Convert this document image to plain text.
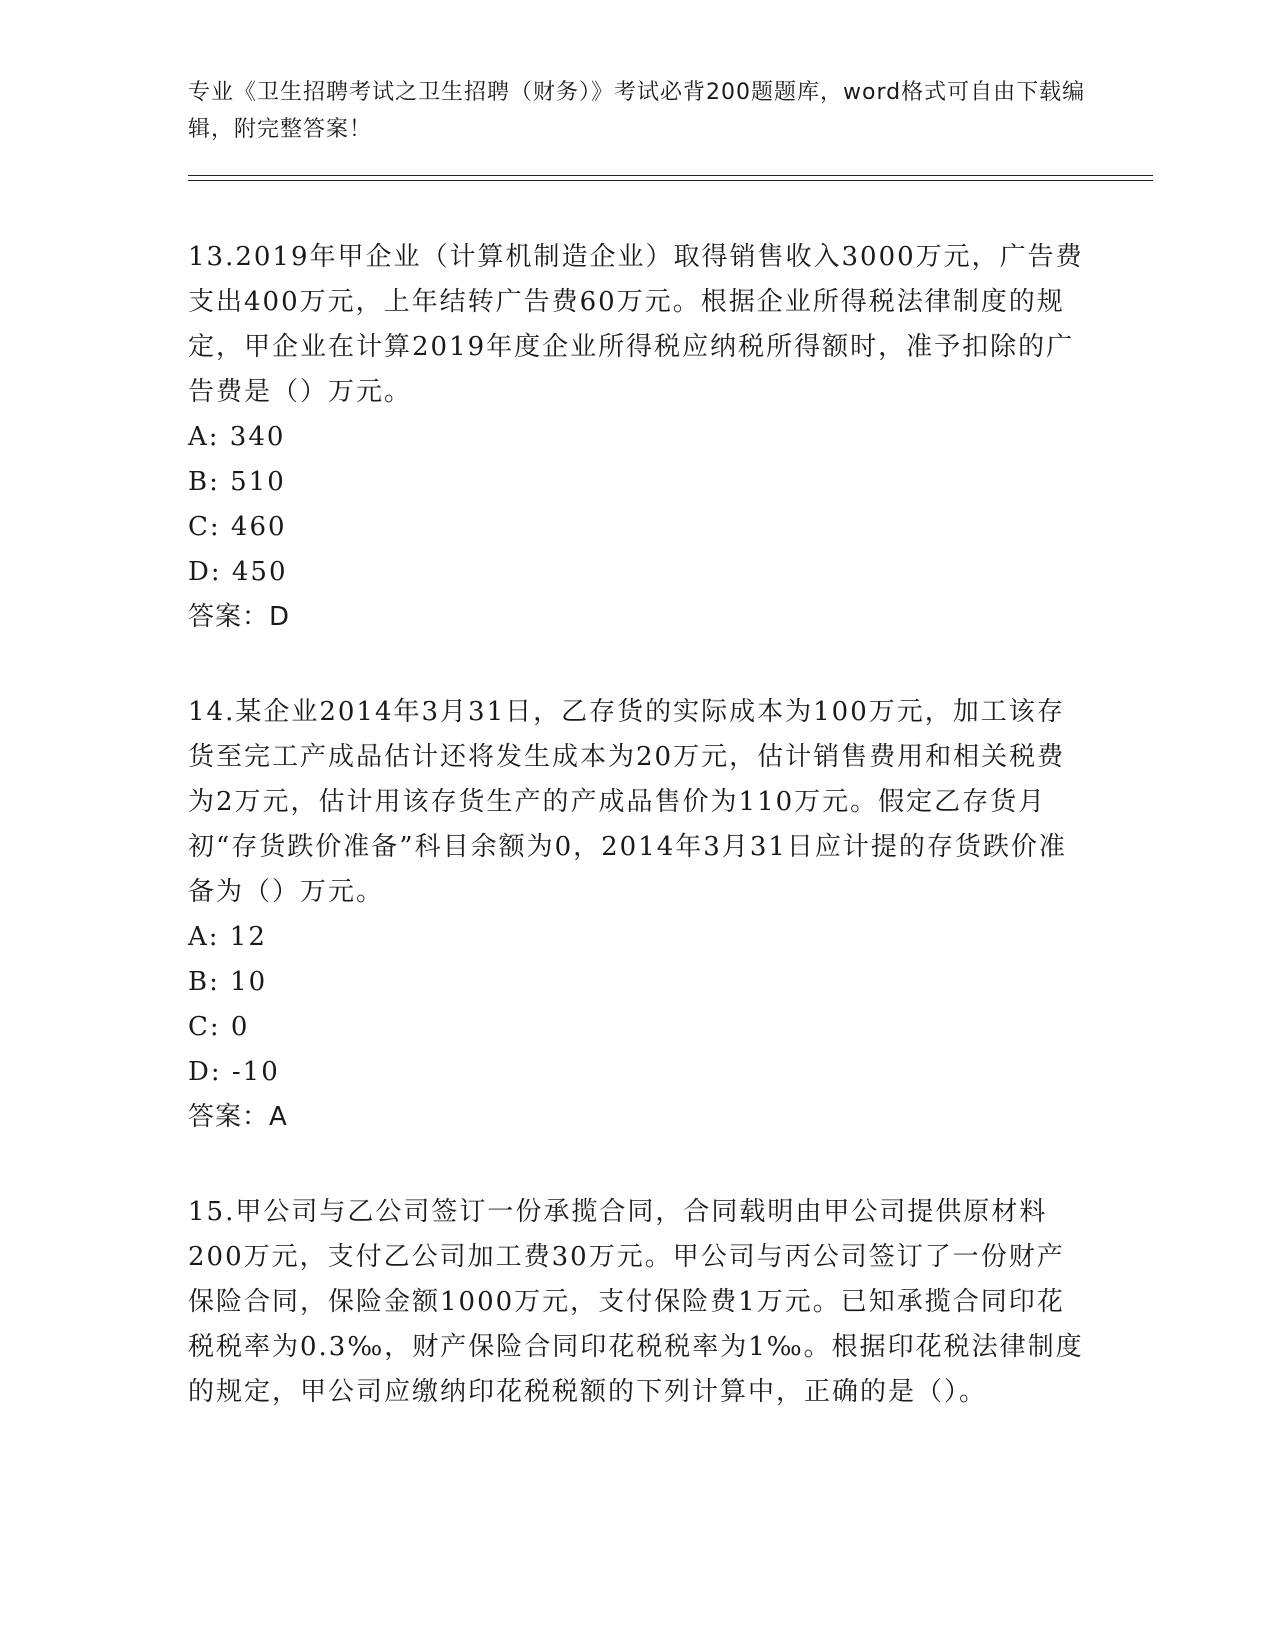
专业《卫生招聘考试之卫生招聘（财务）》考试必背200题题库，word格式可自由下载编辑，附完整答案！

13.2019年甲企业（计算机制造企业）取得销售收入3000万元，广告费支出400万元，上年结转广告费60万元。根据企业所得税法律制度的规定，甲企业在计算2019年度企业所得税应纳税所得额时，准予扣除的广告费是（）万元。

A: 340

B: 510

C: 460

D: 450

答案：D

14.某企业2014年3月31日，乙存货的实际成本为100万元，加工该存货至完工产成品估计还将发生成本为20万元，估计销售费用和相关税费为2万元，估计用该存货生产的产成品售价为110万元。假定乙存货月初“存货跌价准备”科目余额为0，2014年3月31日应计提的存货跌价准备为（）万元。

A: 12

B: 10

C: 0

D: -10

答案：A

15.甲公司与乙公司签订一份承揽合同，合同载明由甲公司提供原材料200万元，支付乙公司加工费30万元。甲公司与丙公司签订了一份财产保险合同，保险金额1000万元，支付保险费1万元。已知承揽合同印花税税率为0.3‰，财产保险合同印花税税率为1‰。根据印花税法律制度的规定，甲公司应缴纳印花税税额的下列计算中，正确的是（）。
